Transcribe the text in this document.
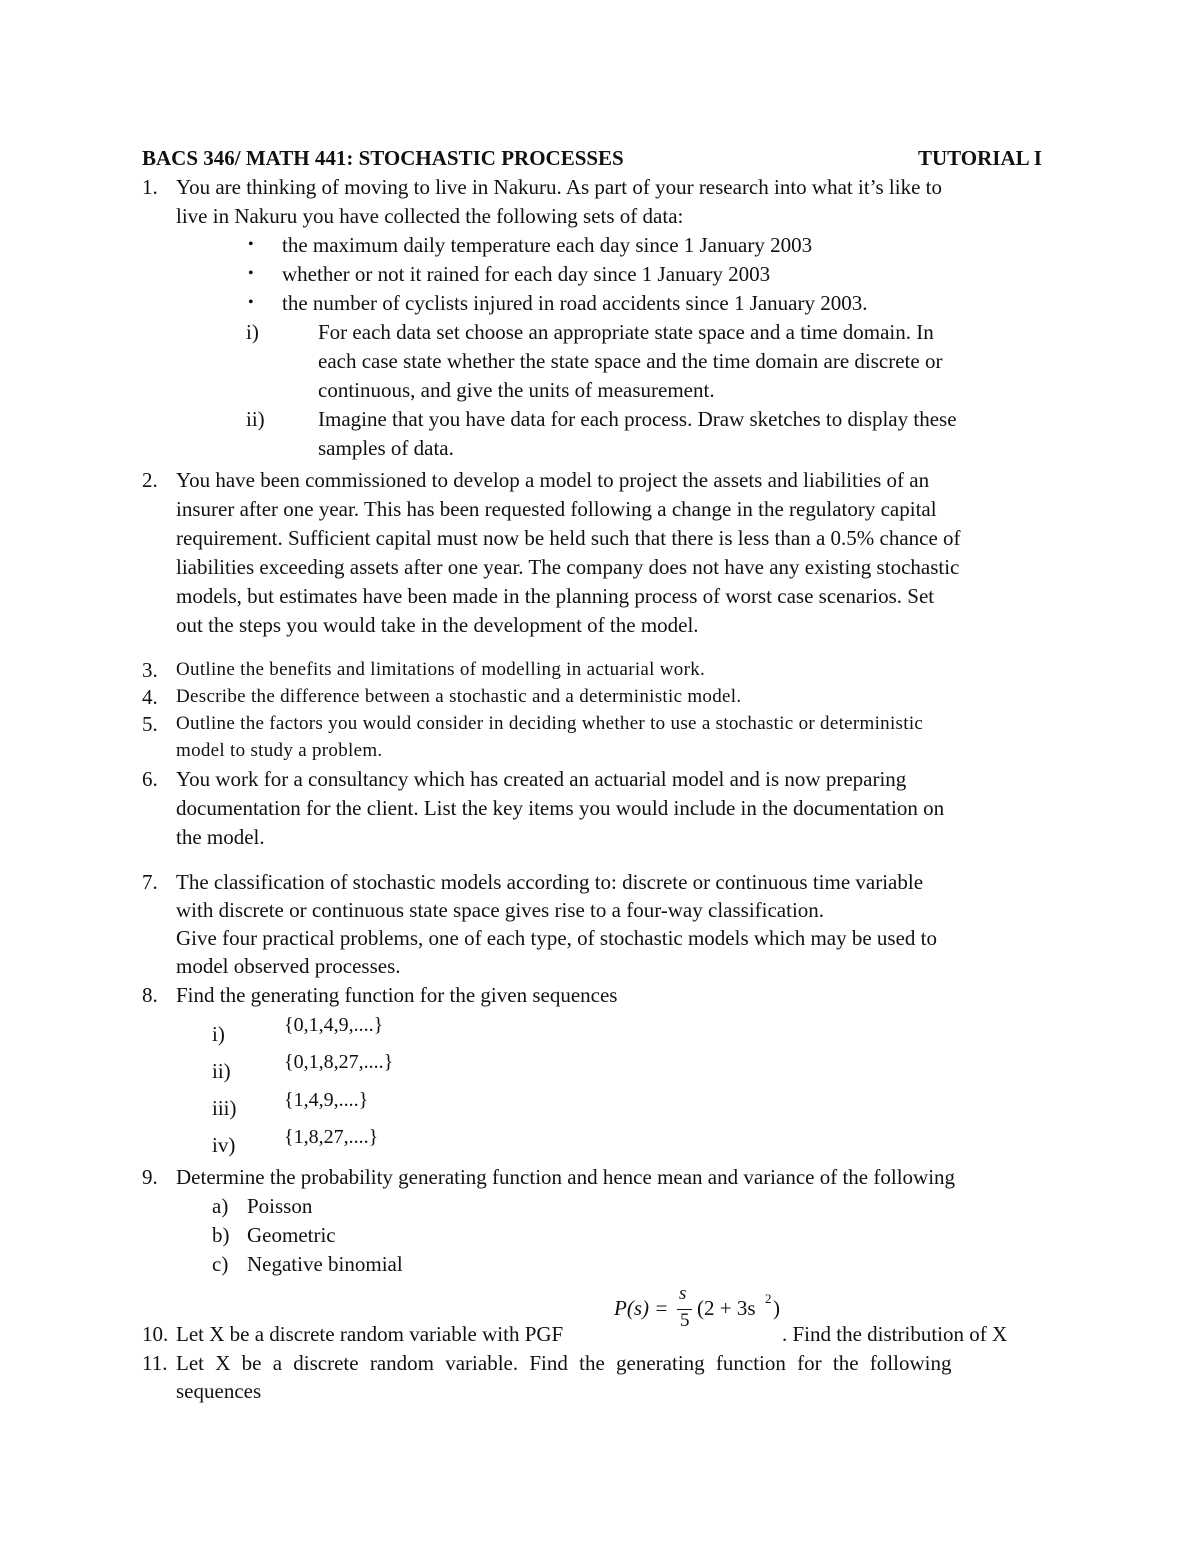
BACS 346/ MATH 441: STOCHASTIC PROCESSES	TUTORIAL I
1. You are thinking of moving to live in Nakuru. As part of your research into what it’s like to
live in Nakuru you have collected the following sets of data:
• the maximum daily temperature each day since 1 January 2003
• whether or not it rained for each day since 1 January 2003
• the number of cyclists injured in road accidents since 1 January 2003.
i)	For each data set choose an appropriate state space and a time domain. In
each case state whether the state space and the time domain are discrete or
continuous, and give the units of measurement.
ii)	Imagine that you have data for each process. Draw sketches to display these
samples of data.
2. You have been commissioned to develop a model to project the assets and liabilities of an
insurer after one year. This has been requested following a change in the regulatory capital
requirement. Sufficient capital must now be held such that there is less than a 0.5% chance of
liabilities exceeding assets after one year. The company does not have any existing stochastic
models, but estimates have been made in the planning process of worst case scenarios. Set
out the steps you would take in the development of the model.
3. Outline the benefits and limitations of modelling in actuarial work.
4. Describe the difference between a stochastic and a deterministic model.
5. Outline the factors you would consider in deciding whether to use a stochastic or deterministic
model to study a problem.
6. You work for a consultancy which has created an actuarial model and is now preparing
documentation for the client. List the key items you would include in the documentation on
the model.
7. The classification of stochastic models according to: discrete or continuous time variable
with discrete or continuous state space gives rise to a four-way classification.
Give four practical problems, one of each type, of stochastic models which may be used to
model observed processes.
8. Find the generating function for the given sequences
i)	{0,1,4,9,....}
ii)	{0,1,8,27,....}
iii) {1,4,9,....}
iv) {1,8,27,....}
9. Determine the probability generating function and hence mean and variance of the following
a) Poisson
b) Geometric
c) Negative binomial
10. Let X be a discrete random variable with PGF
P(s) =
s
5
(2 + 3s 2 )
. Find the distribution of X
11. Let X be a discrete random variable. Find the generating function for the following
sequences
